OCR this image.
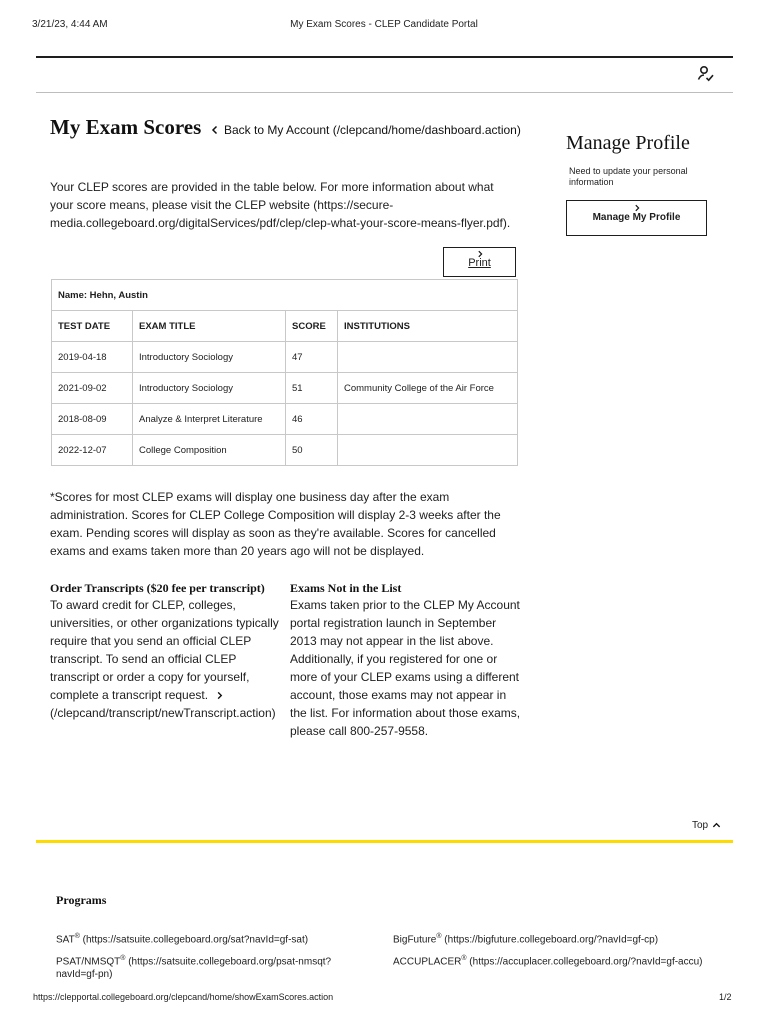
3/21/23, 4:44 AM	My Exam Scores - CLEP Candidate Portal
My Exam Scores Back to My Account (/clepcand/home/dashboard.action)
Your CLEP scores are provided in the table below. For more information about what your score means, please visit the CLEP website (https://secure-media.collegeboard.org/digitalServices/pdf/clep/clep-what-your-score-means-flyer.pdf).
Print
Name: Hehn, Austin			
TEST DATE	EXAM TITLE	SCORE	INSTITUTIONS
2019-04-18	Introductory Sociology	47	
2021-09-02	Introductory Sociology	51	Community College of the Air Force
2018-08-09	Analyze & Interpret Literature	46	
2022-12-07	College Composition	50	
*Scores for most CLEP exams will display one business day after the exam administration. Scores for CLEP College Composition will display 2-3 weeks after the exam. Pending scores will display as soon as they're available. Scores for cancelled exams and exams taken more than 20 years ago will not be displayed.
Order Transcripts ($20 fee per transcript)
To award credit for CLEP, colleges, universities, or other organizations typically require that you send an official CLEP transcript. To send an official CLEP transcript or order a copy for yourself, complete a transcript request.
(/clepcand/transcript/newTranscript.action)
Exams Not in the List
Exams taken prior to the CLEP My Account portal registration launch in September 2013 may not appear in the list above. Additionally, if you registered for one or more of your CLEP exams using a different account, those exams may not appear in the list. For information about those exams, please call 800-257-9558.
Manage Profile
Need to update your personal information
Manage My Profile
Top
Programs
SAT® (https://satsuite.collegeboard.org/sat?navId=gf-sat)	BigFuture® (https://bigfuture.collegeboard.org/?navId=gf-cp)
PSAT/NMSQT® (https://satsuite.collegeboard.org/psat-nmsqt?navId=gf-pn)
ACCUPLACER® (https://accuplacer.collegeboard.org/?navId=gf-accu)
https://clepportal.collegeboard.org/clepcand/home/showExamScores.action	1/2
